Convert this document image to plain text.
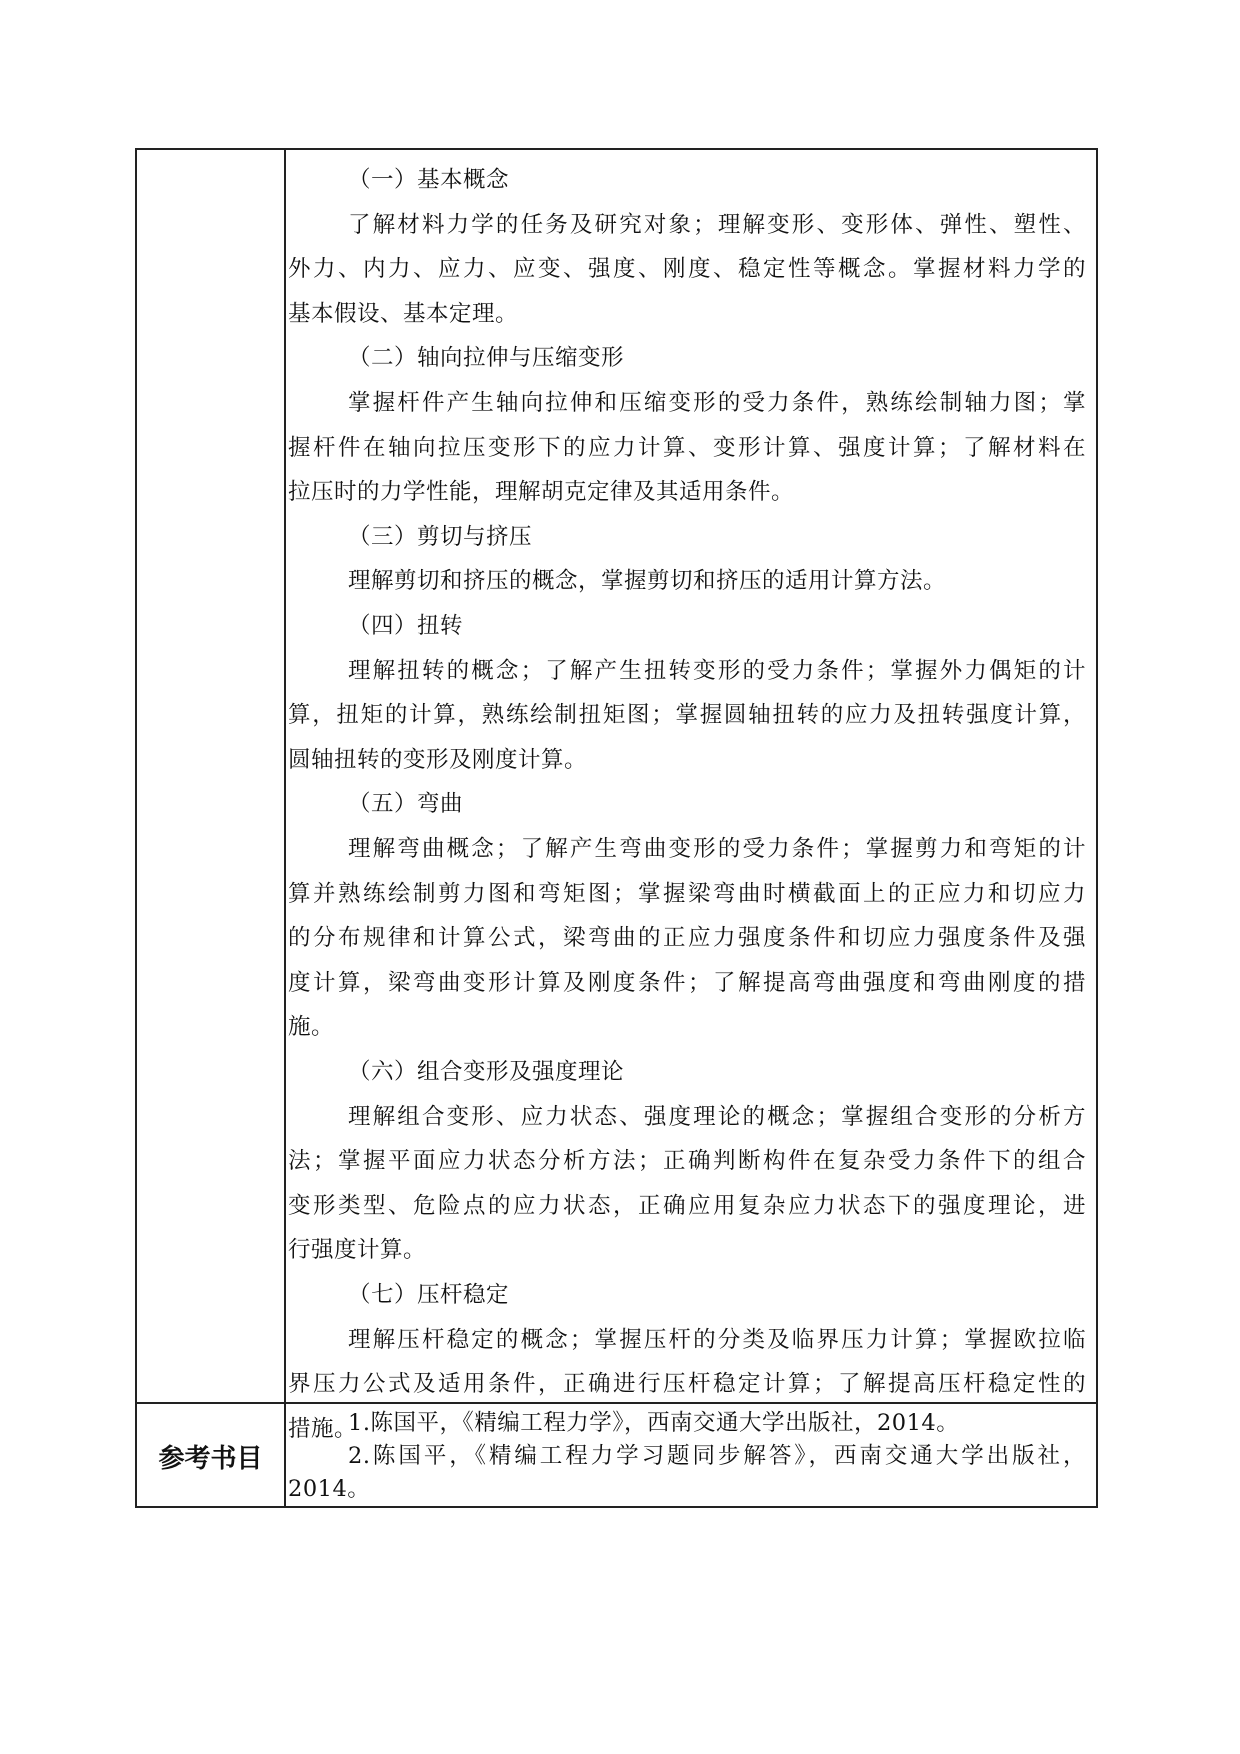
（一）基本概念
了解材料力学的任务及研究对象；理解变形、变形体、弹性、塑性、
外力、内力、应力、应变、强度、刚度、稳定性等概念。掌握材料力学的
基本假设、基本定理。
（二）轴向拉伸与压缩变形
掌握杆件产生轴向拉伸和压缩变形的受力条件，熟练绘制轴力图；掌
握杆件在轴向拉压变形下的应力计算、变形计算、强度计算；了解材料在
拉压时的力学性能，理解胡克定律及其适用条件。
（三）剪切与挤压
理解剪切和挤压的概念，掌握剪切和挤压的适用计算方法。
（四）扭转
理解扭转的概念；了解产生扭转变形的受力条件；掌握外力偶矩的计
算，扭矩的计算，熟练绘制扭矩图；掌握圆轴扭转的应力及扭转强度计算，
圆轴扭转的变形及刚度计算。
（五）弯曲
理解弯曲概念；了解产生弯曲变形的受力条件；掌握剪力和弯矩的计
算并熟练绘制剪力图和弯矩图；掌握梁弯曲时横截面上的正应力和切应力
的分布规律和计算公式，梁弯曲的正应力强度条件和切应力强度条件及强
度计算，梁弯曲变形计算及刚度条件；了解提高弯曲强度和弯曲刚度的措
施。
（六）组合变形及强度理论
理解组合变形、应力状态、强度理论的概念；掌握组合变形的分析方
法；掌握平面应力状态分析方法；正确判断构件在复杂受力条件下的组合
变形类型、危险点的应力状态，正确应用复杂应力状态下的强度理论，进
行强度计算。
（七）压杆稳定
理解压杆稳定的概念；掌握压杆的分类及临界压力计算；掌握欧拉临
界压力公式及适用条件，正确进行压杆稳定计算；了解提高压杆稳定性的
措施。
参考书目
1.陈国平，《精编工程力学》，西南交通大学出版社，2014。
2.陈国平，《精编工程力学习题同步解答》，西南交通大学出版社，
2014。
